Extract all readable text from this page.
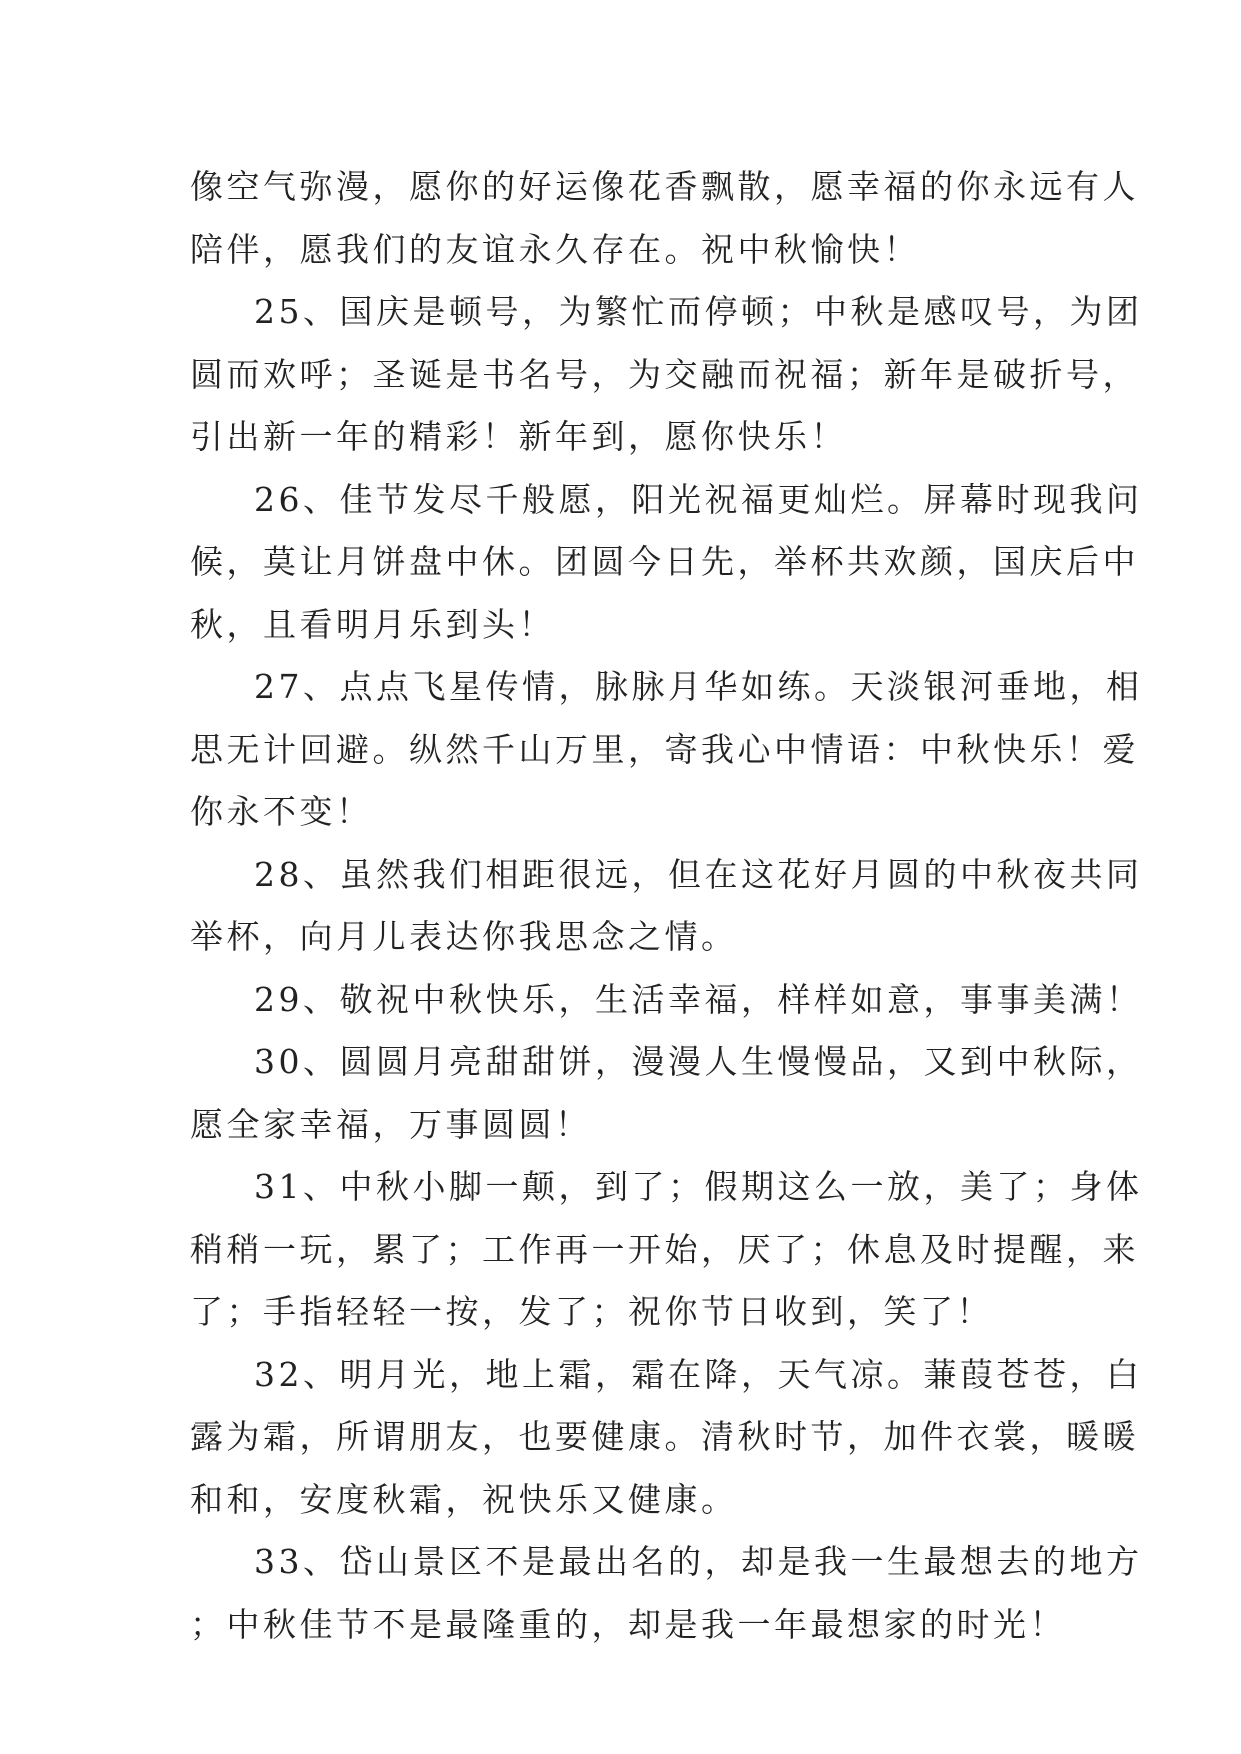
像空气弥漫，愿你的好运像花香飘散，愿幸福的你永远有人
陪伴，愿我们的友谊永久存在。祝中秋愉快！
25、国庆是顿号，为繁忙而停顿；中秋是感叹号，为团
圆而欢呼；圣诞是书名号，为交融而祝福；新年是破折号，
引出新一年的精彩！新年到，愿你快乐！
26、佳节发尽千般愿，阳光祝福更灿烂。屏幕时现我问
候，莫让月饼盘中休。团圆今日先，举杯共欢颜，国庆后中
秋，且看明月乐到头！
27、点点飞星传情，脉脉月华如练。天淡银河垂地，相
思无计回避。纵然千山万里，寄我心中情语：中秋快乐！爱
你永不变！
28、虽然我们相距很远，但在这花好月圆的中秋夜共同
举杯，向月儿表达你我思念之情。
29、敬祝中秋快乐，生活幸福，样样如意，事事美满！
30、圆圆月亮甜甜饼，漫漫人生慢慢品，又到中秋际，
愿全家幸福，万事圆圆！
31、中秋小脚一颠，到了；假期这么一放，美了；身体
稍稍一玩，累了；工作再一开始，厌了；休息及时提醒，来
了；手指轻轻一按，发了；祝你节日收到，笑了！
32、明月光，地上霜，霜在降，天气凉。蒹葭苍苍，白
露为霜，所谓朋友，也要健康。清秋时节，加件衣裳，暖暖
和和，安度秋霜，祝快乐又健康。
33、岱山景区不是最出名的，却是我一生最想去的地方
；中秋佳节不是最隆重的，却是我一年最想家的时光！
